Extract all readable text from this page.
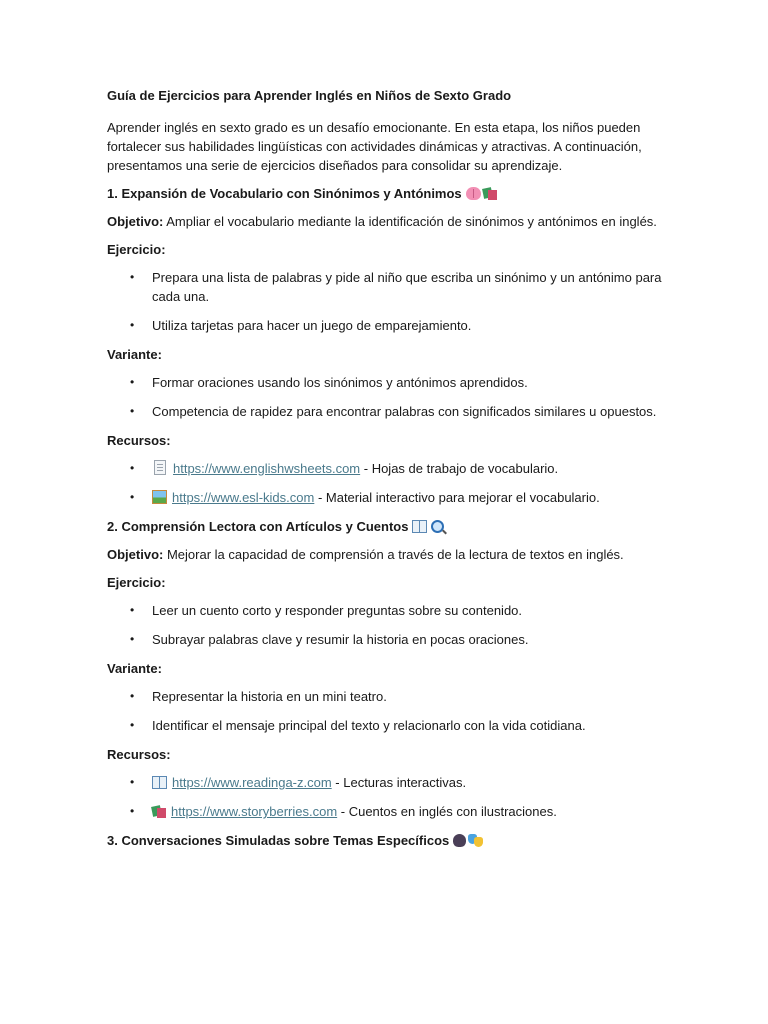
Guía de Ejercicios para Aprender Inglés en Niños de Sexto Grado

Aprender inglés en sexto grado es un desafío emocionante. En esta etapa, los niños pueden fortalecer sus habilidades lingüísticas con actividades dinámicas y atractivas. A continuación, presentamos una serie de ejercicios diseñados para consolidar su aprendizaje.

1. Expansión de Vocabulario con Sinónimos y Antónimos

Objetivo: Ampliar el vocabulario mediante la identificación de sinónimos y antónimos en inglés.

Ejercicio:
• Prepara una lista de palabras y pide al niño que escriba un sinónimo y un antónimo para cada una.
• Utiliza tarjetas para hacer un juego de emparejamiento.
Variante:
• Formar oraciones usando los sinónimos y antónimos aprendidos.
• Competencia de rapidez para encontrar palabras con significados similares u opuestos.
Recursos:
• https://www.englishwsheets.com - Hojas de trabajo de vocabulario.
• https://www.esl-kids.com - Material interactivo para mejorar el vocabulario.
2. Comprensión Lectora con Artículos y Cuentos

Objetivo: Mejorar la capacidad de comprensión a través de la lectura de textos en inglés.

Ejercicio:
• Leer un cuento corto y responder preguntas sobre su contenido.
• Subrayar palabras clave y resumir la historia en pocas oraciones.
Variante:
• Representar la historia en un mini teatro.
• Identificar el mensaje principal del texto y relacionarlo con la vida cotidiana.
Recursos:
• https://www.readinga-z.com - Lecturas interactivas.
• https://www.storyberries.com - Cuentos en inglés con ilustraciones.
3. Conversaciones Simuladas sobre Temas Específicos
